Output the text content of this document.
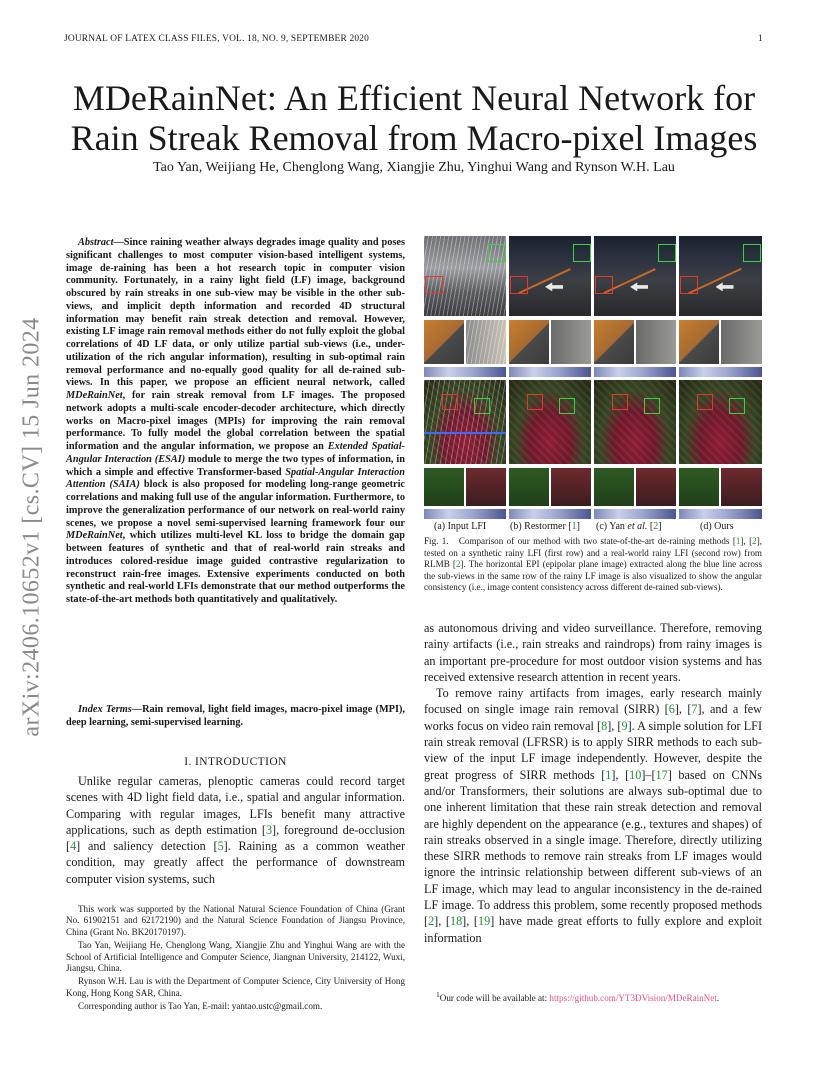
JOURNAL OF LATEX CLASS FILES, VOL. 18, NO. 9, SEPTEMBER 2020	1
arXiv:2406.10652v1 [cs.CV] 15 Jun 2024
MDeRainNet: An Efficient Neural Network for
Rain Streak Removal from Macro-pixel Images
Tao Yan, Weijiang He, Chenglong Wang, Xiangjie Zhu, Yinghui Wang and Rynson W.H. Lau
Abstract—Since raining weather always degrades image quality and poses significant challenges to most computer vision-based intelligent systems, image de-raining has been a hot research topic in computer vision community. Fortunately, in a rainy light field (LF) image, background obscured by rain streaks in one sub-view may be visible in the other sub-views, and implicit depth information and recorded 4D structural information may benefit rain streak detection and removal. However, existing LF image rain removal methods either do not fully exploit the global correlations of 4D LF data, or only utilize partial sub-views (i.e., under-utilization of the rich angular information), resulting in sub-optimal rain removal performance and no-equally good quality for all de-rained sub-views. In this paper, we propose an efficient neural network, called MDeRainNet, for rain streak removal from LF images. The proposed network adopts a multi-scale encoder-decoder architecture, which directly works on Macro-pixel images (MPIs) for improving the rain removal performance. To fully model the global correlation between the spatial information and the angular information, we propose an Extended Spatial-Angular Interaction (ESAI) module to merge the two types of information, in which a simple and effective Transformer-based Spatial-Angular Interaction Attention (SAIA) block is also proposed for modeling long-range geometric correlations and making full use of the angular information. Furthermore, to improve the generalization performance of our network on real-world rainy scenes, we propose a novel semi-supervised learning framework four our MDeRainNet, which utilizes multi-level KL loss to bridge the domain gap between features of synthetic and that of real-world rain streaks and introduces colored-residue image guided contrastive regularization to reconstruct rain-free images. Extensive experiments conducted on both synthetic and real-world LFIs demonstrate that our method outperforms the state-of-the-art methods both quantitatively and qualitatively.
Index Terms—Rain removal, light field images, macro-pixel image (MPI), deep learning, semi-supervised learning.
I. INTRODUCTION
Unlike regular cameras, plenoptic cameras could record target scenes with 4D light field data, i.e., spatial and angular information. Comparing with regular images, LFIs benefit many attractive applications, such as depth estimation [3], foreground de-occlusion [4] and saliency detection [5]. Raining as a common weather condition, may greatly affect the performance of downstream computer vision systems, such

This work was supported by the National Natural Science Foundation of China (Grant No. 61902151 and 62172190) and the Natural Science Foundation of Jiangsu Province, China (Grant No. BK20170197).

Tao Yan, Weijiang He, Chenglong Wang, Xiangjie Zhu and Yinghui Wang are with the School of Artificial Intelligence and Computer Science, Jiangnan University, 214122, Wuxi, Jiangsu, China.

Rynson W.H. Lau is with the Department of Computer Science, City University of Hong Kong, Hong Kong SAR, China.

Corresponding author is Tao Yan, E-mail: yantao.ustc@gmail.com.

(a) Input LFI (b) Restormer [1] (c) Yan et al. [2]	(d) Ours
Fig. 1. Comparison of our method with two state-of-the-art de-raining methods [1], [2], tested on a synthetic rainy LFI (first row) and a real-world rainy LFI (second row) from RLMB [2]. The horizontal EPI (epipolar plane image) extracted along the blue line across the sub-views in the same row of the rainy LF image is also visualized to show the angular consistency (i.e., image content consistency across different de-rained sub-views).

as autonomous driving and video surveillance. Therefore, removing rainy artifacts (i.e., rain streaks and raindrops) from rainy images is an important pre-procedure for most outdoor vision systems and has received extensive research attention in recent years.

To remove rainy artifacts from images, early research mainly focused on single image rain removal (SIRR) [6], [7], and a few works focus on video rain removal [8], [9]. A simple solution for LFI rain streak removal (LFRSR) is to apply SIRR methods to each sub-view of the input LF image independently. However, despite the great progress of SIRR methods [1], [10]–[17] based on CNNs and/or Transformers, their solutions are always sub-optimal due to one inherent limitation that these rain streak detection and removal are highly dependent on the appearance (e.g., textures and shapes) of rain streaks observed in a single image. Therefore, directly utilizing these SIRR methods to remove rain streaks from LF images would ignore the intrinsic relationship between different sub-views of an LF image, which may lead to angular inconsistency in the de-rained LF image. To address this problem, some recently proposed methods [2], [18], [19] have made great efforts to fully explore and exploit information

$^1$Our code will be available at: https://github.com/YT3DVision/MDeRainNet.
